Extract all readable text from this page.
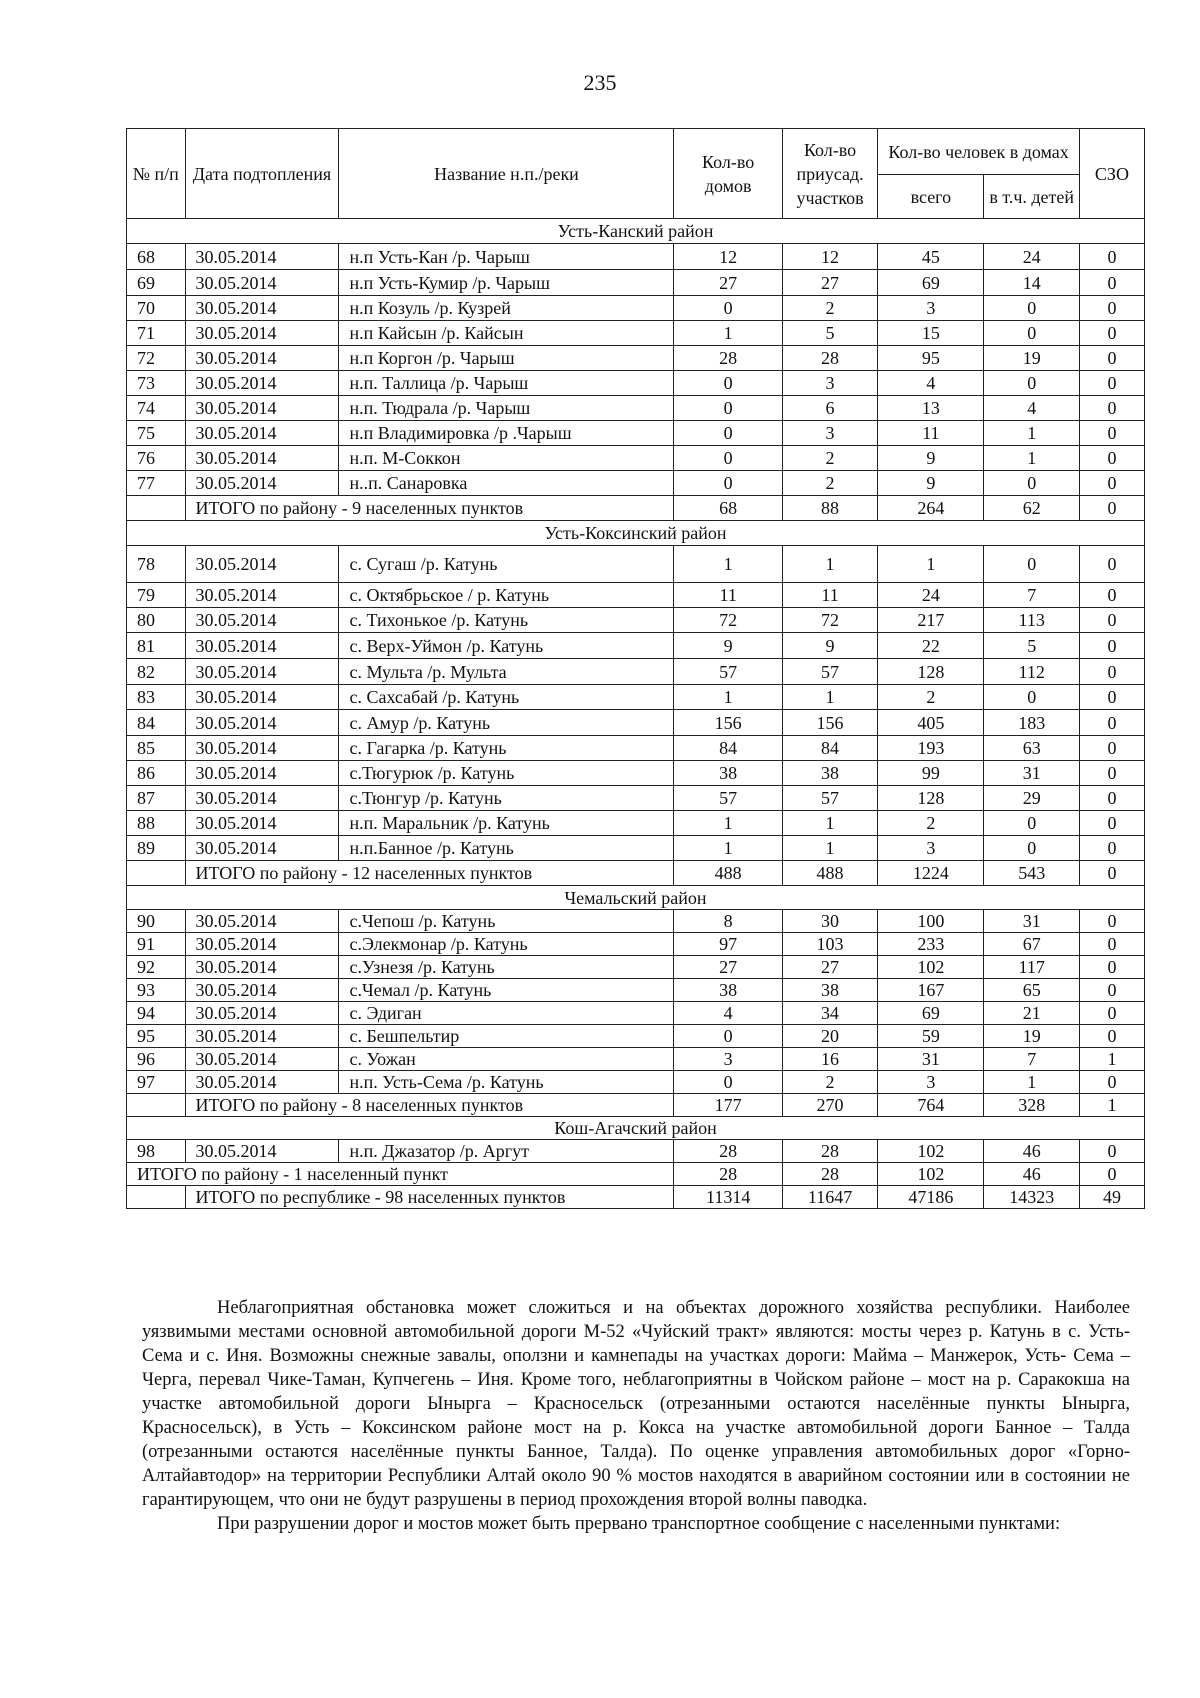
235
№ п/п	Дата подтопления	Название н.п./реки	Кол-во домов	Кол-во приусад. участков	Кол-во человек в домах		СЗО
					всего	в т.ч. детей	
Усть-Канский район							
68	30.05.2014	н.п Усть-Кан /р. Чарыш	12	12	45	24	0
69	30.05.2014	н.п Усть-Кумир /р. Чарыш	27	27	69	14	0
70	30.05.2014	н.п Козуль /р. Кузрей	0	2	3	0	0
71	30.05.2014	н.п Кайсын /р. Кайсын	1	5	15	0	0
72	30.05.2014	н.п Коргон /р. Чарыш	28	28	95	19	0
73	30.05.2014	н.п. Таллица /р. Чарыш	0	3	4	0	0
74	30.05.2014	н.п. Тюдрала /р. Чарыш	0	6	13	4	0
75	30.05.2014	н.п Владимировка /р .Чарыш	0	3	11	1	0
76	30.05.2014	н.п. М-Соккон	0	2	9	1	0
77	30.05.2014	н..п. Санаровка	0	2	9	0	0
	ИТОГО по району - 9 населенных пунктов		68	88	264	62	0
Усть-Коксинский район							
78	30.05.2014	с. Сугаш /р. Катунь	1	1	1	0	0
79	30.05.2014	с. Октябрьское / р. Катунь	11	11	24	7	0
80	30.05.2014	с. Тихонькое /р. Катунь	72	72	217	113	0
81	30.05.2014	с. Верх-Уймон /р. Катунь	9	9	22	5	0
82	30.05.2014	с. Мульта /р. Мульта	57	57	128	112	0
83	30.05.2014	с. Сахсабай /р. Катунь	1	1	2	0	0
84	30.05.2014	с. Амур /р. Катунь	156	156	405	183	0
85	30.05.2014	с. Гагарка /р. Катунь	84	84	193	63	0
86	30.05.2014	с.Тюгурюк /р. Катунь	38	38	99	31	0
87	30.05.2014	с.Тюнгур /р. Катунь	57	57	128	29	0
88	30.05.2014	н.п. Маральник /р. Катунь	1	1	2	0	0
89	30.05.2014	н.п.Банное /р. Катунь	1	1	3	0	0
	ИТОГО по району - 12 населенных пунктов		488	488	1224	543	0
Чемальский район							
90	30.05.2014	с.Чепош /р. Катунь	8	30	100	31	0
91	30.05.2014	с.Элекмонар /р. Катунь	97	103	233	67	0
92	30.05.2014	с.Узнезя /р. Катунь	27	27	102	117	0
93	30.05.2014	с.Чемал /р. Катунь	38	38	167	65	0
94	30.05.2014	с. Эдиган	4	34	69	21	0
95	30.05.2014	с. Бешпельтир	0	20	59	19	0
96	30.05.2014	с. Уожан	3	16	31	7	1
97	30.05.2014	н.п. Усть-Сема /р. Катунь	0	2	3	1	0
	ИТОГО по району - 8 населенных пунктов		177	270	764	328	1
Кош-Агачский район							
98	30.05.2014	н.п. Джазатор /р. Аргут	28	28	102	46	0
ИТОГО по району - 1 населенный пункт			28	28	102	46	0
	ИТОГО по республике - 98 населенных пунктов		11314	11647	47186	14323	49

Неблагоприятная обстановка может сложиться и на объектах дорожного хозяйства республики. Наиболее уязвимыми местами основной автомобильной дороги М-52 «Чуйский тракт» являются: мосты через р. Катунь в с. Усть-Сема и с. Иня. Возможны снежные завалы, оползни и камнепады на участках дороги: Майма – Манжерок, Усть- Сема – Черга, перевал Чике-Таман, Купчегень – Иня. Кроме того, неблагоприятны в Чойском районе – мост на р. Саракокша на участке автомобильной дороги Ыныргa – Красносельск (отрезанными остаются населённые пункты Ынырга, Красносельск), в Усть – Коксинском районе мост на р. Кокса на участке автомобильной дороги Банное – Талда (отрезанными остаются населённые пункты Банное, Талда). По оценке управления автомобильных дорог «Горно-Алтайавтодор» на территории Республики Алтай около 90 % мостов находятся в аварийном состоянии или в состоянии не гарантирующем, что они не будут разрушены в период прохождения второй волны паводка.

При разрушении дорог и мостов может быть прервано транспортное сообщение с населенными пунктами:
